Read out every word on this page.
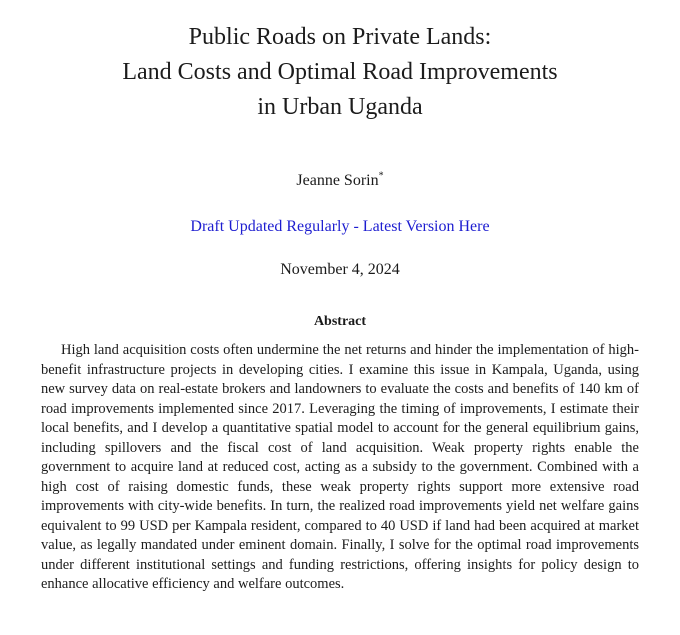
Public Roads on Private Lands:
Land Costs and Optimal Road Improvements
in Urban Uganda
Jeanne Sorin*
Draft Updated Regularly - Latest Version Here
November 4, 2024
Abstract

High land acquisition costs often undermine the net returns and hinder the implementation of high-benefit infrastructure projects in developing cities. I examine this issue in Kampala, Uganda, using new survey data on real-estate brokers and landowners to evaluate the costs and benefits of 140 km of road improvements implemented since 2017. Leveraging the timing of improvements, I estimate their local benefits, and I develop a quantitative spatial model to account for the general equilibrium gains, including spillovers and the fiscal cost of land acquisition. Weak property rights enable the government to acquire land at reduced cost, acting as a subsidy to the government. Combined with a high cost of raising domestic funds, these weak property rights support more extensive road improvements with city-wide benefits. In turn, the realized road improvements yield net welfare gains equivalent to 99 USD per Kampala resident, compared to 40 USD if land had been acquired at market value, as legally mandated under eminent domain. Finally, I solve for the optimal road improvements under different institutional settings and funding restrictions, offering insights for policy design to enhance allocative efficiency and welfare outcomes.
